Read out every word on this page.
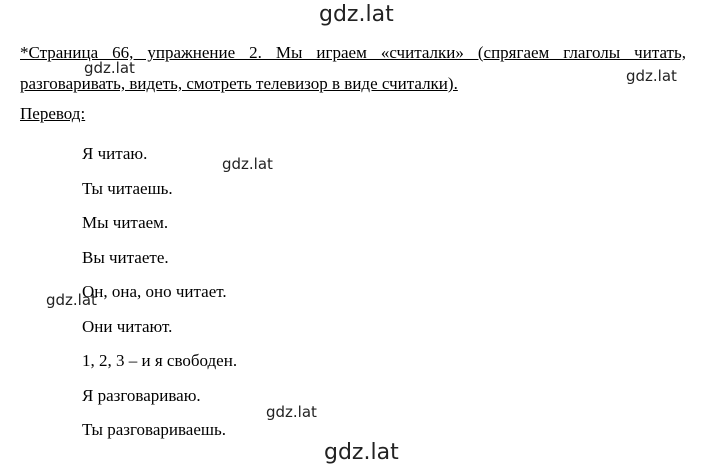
gdz.lat
gdz.lat	gdz.lat
gdz.lat
gdz.lat
gdz.lat
gdz.lat
*Страница 66, упражнение 2. Мы играем «считалки» (спрягаем глаголы читать, разговаривать, видеть, смотреть телевизор в виде считалки).
Перевод:
Я читаю.
Ты читаешь.
Мы читаем.
Вы читаете.
Он, она, оно читает.
Они читают.
1, 2, 3 – и я свободен.
Я разговариваю.
Ты разговариваешь.
